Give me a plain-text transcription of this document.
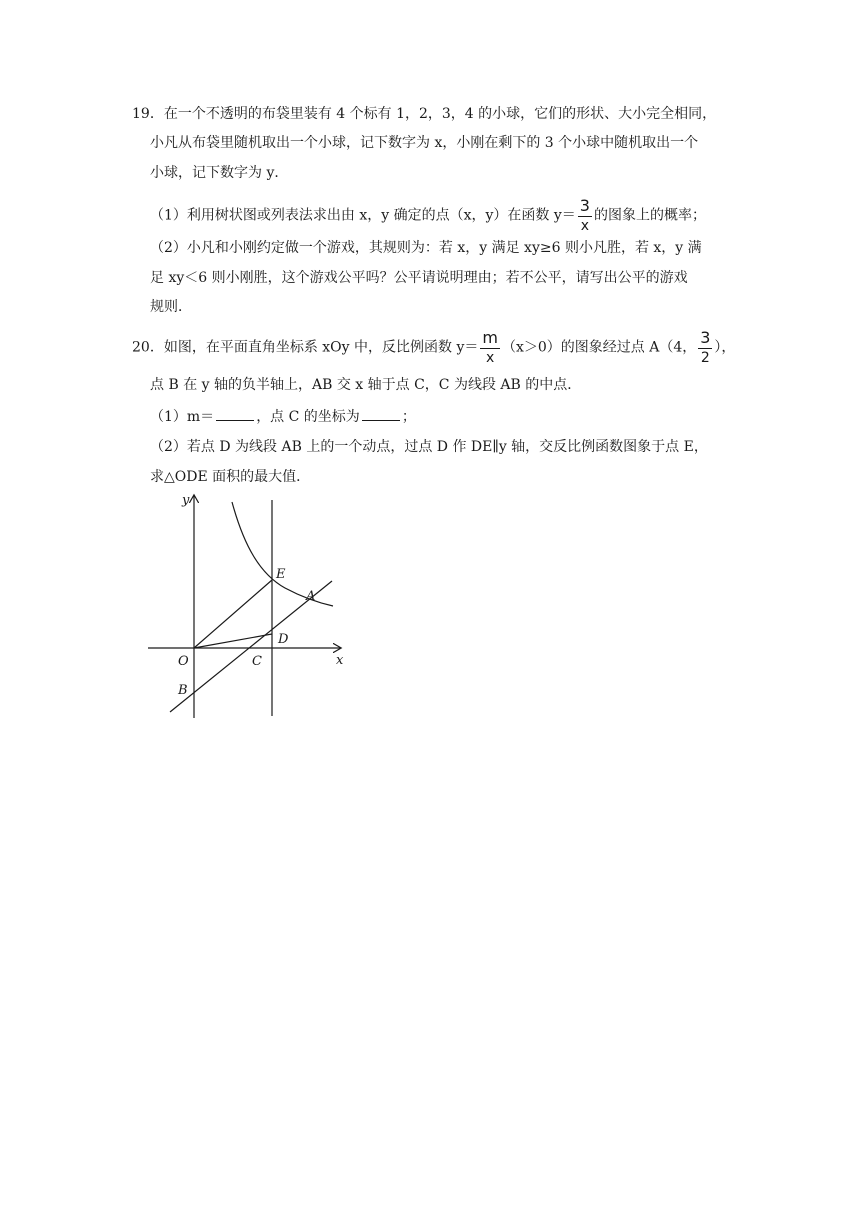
19．在一个不透明的布袋里装有 4 个标有 1，2，3，4 的小球，它们的形状、大小完全相同，
小凡从布袋里随机取出一个小球，记下数字为 x，小刚在剩下的 3 个小球中随机取出一个
小球，记下数字为 y．
（1）利用树状图或列表法求出由 x，y 确定的点（x，y）在函数 $y= \frac{3}{x}$ 的图象上的概率；
（2）小凡和小刚约定做一个游戏，其规则为：若 x，y 满足 xy≥6 则小凡胜，若 x，y 满
足 xy＜6 则小刚胜，这个游戏公平吗？公平请说明理由；若不公平，请写出公平的游戏
规则．
20．如图，在平面直角坐标系 xOy 中，反比例函数 $y= \frac{m}{x} (x>0)$的图象经过点 A（4， $\frac{3}{2}$ ），
点 B 在 y 轴的负半轴上，AB 交 x 轴于点 C，C 为线段 AB 的中点．
（1）m＝	，点 C 的坐标为	；
（2）若点 D 为线段 AB 上的一个动点，过点 D 作 DE∥y 轴，交反比例函数图象于点 E，
求△ODE 面积的最大值．
y
x
O	C
B
D
E
A
